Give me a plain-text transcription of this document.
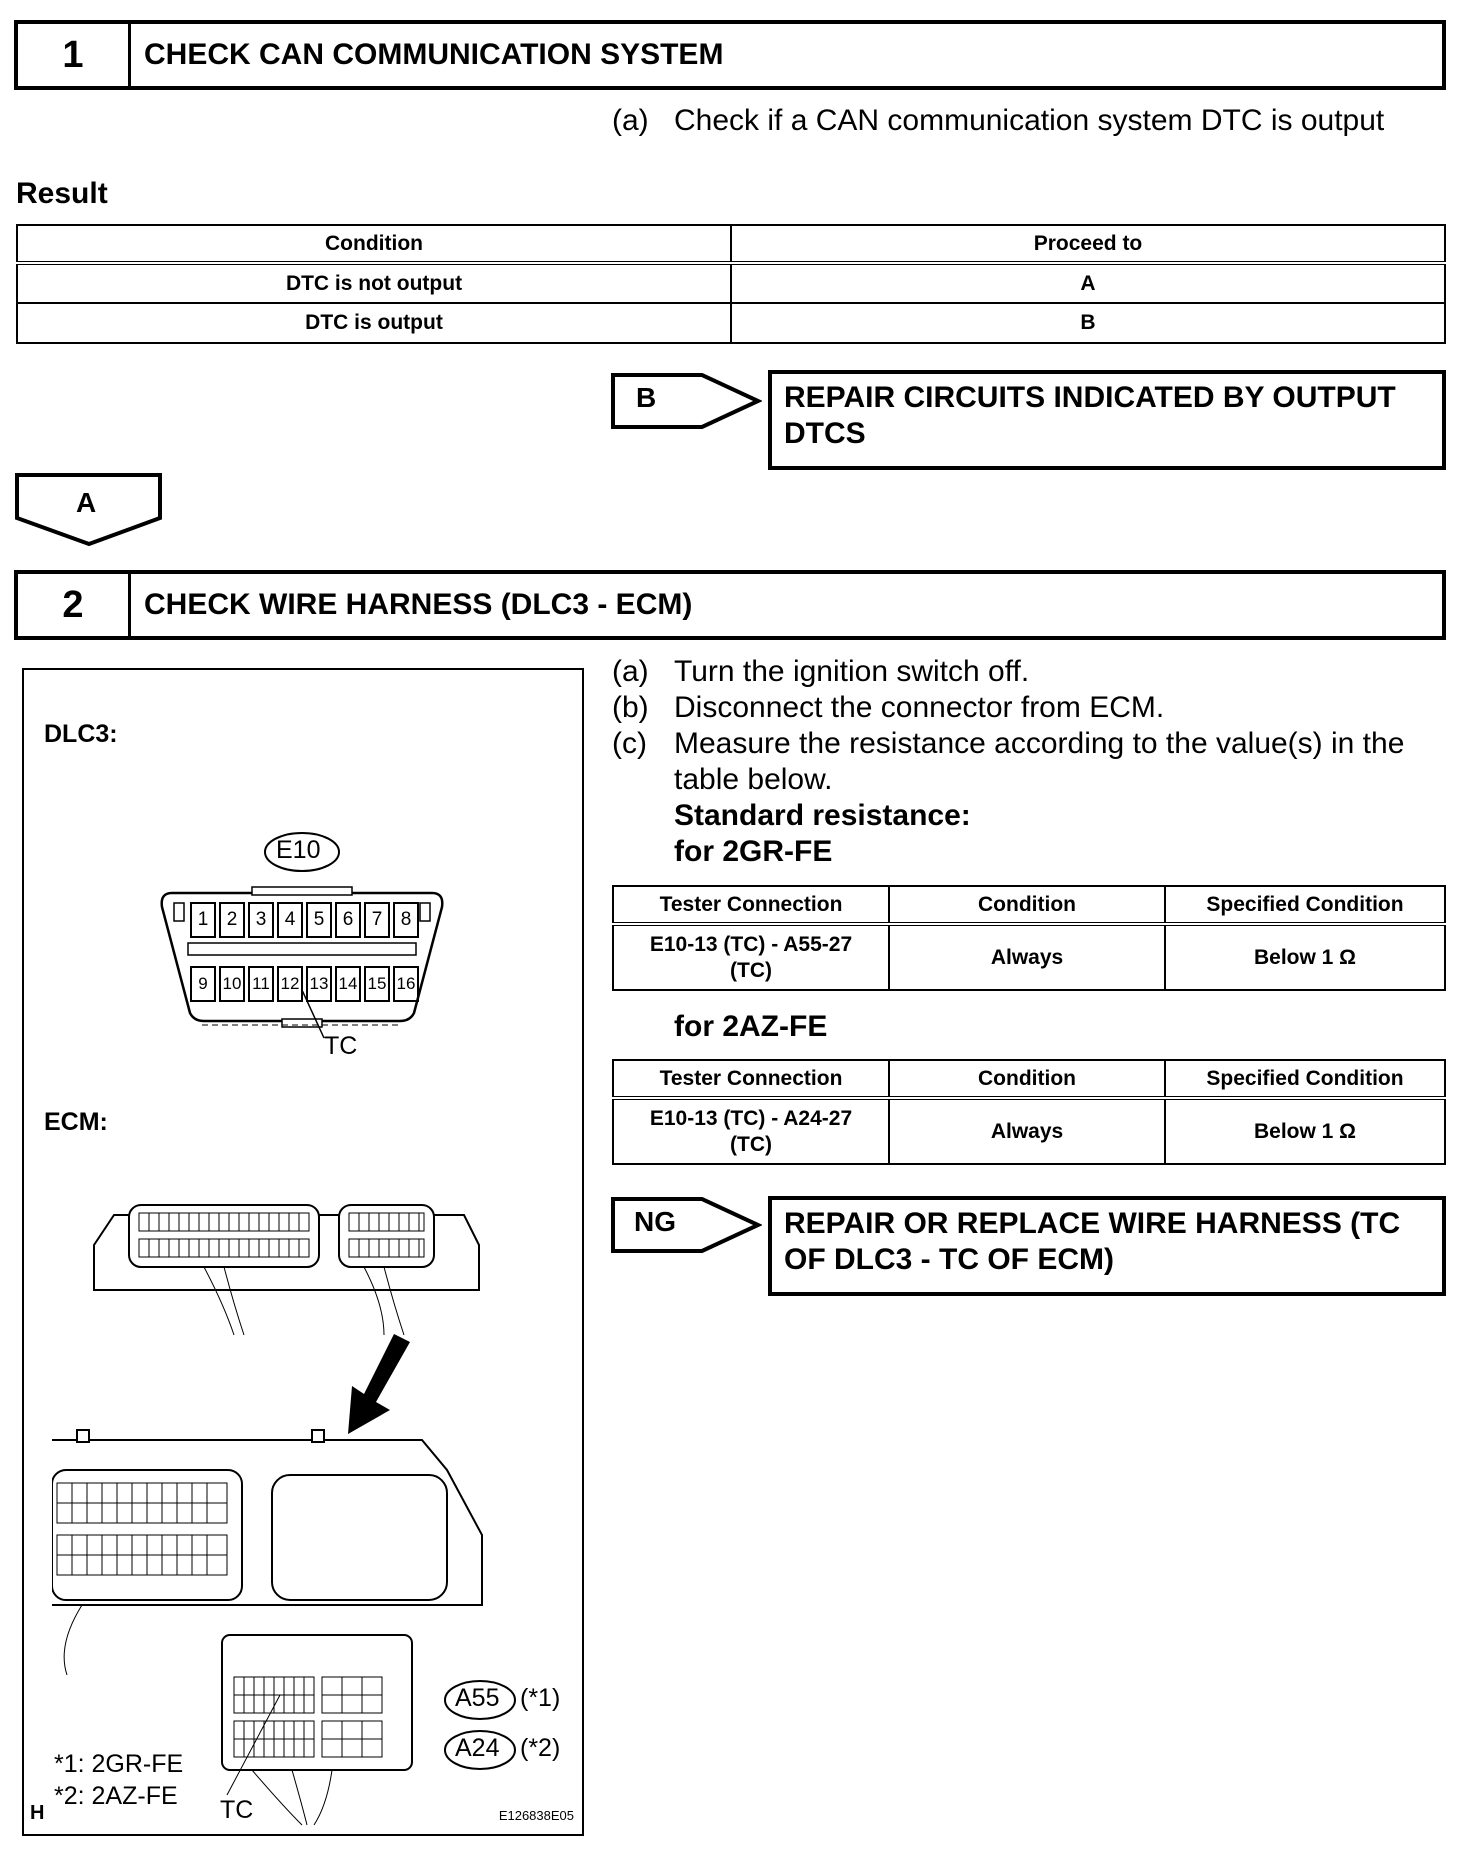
1	CHECK CAN COMMUNICATION SYSTEM
(a) Check if a CAN communication system DTC is output
Result
Condition	Proceed to
DTC is not output	A
DTC is output	B
B	REPAIR CIRCUITS INDICATED BY OUTPUT
DTCS
A
2	CHECK WIRE HARNESS (DLC3 - ECM)
(a) Turn the ignition switch off.
(b) Disconnect the connector from ECM.
(c) Measure the resistance according to the value(s) in the
table below.
Standard resistance:
for 2GR-FE
Tester Connection	Condition	Specified Condition

E10-13 (TC) - A55-27
(TC)	Always	Below 1 Ω
for 2AZ-FE
Tester Connection	Condition	Specified Condition

E10-13 (TC) - A24-27
(TC)	Always	Below 1 Ω
NG	REPAIR OR REPLACE WIRE HARNESS (TC
OF DLC3 - TC OF ECM)
DLC3:
E10
1 2 3 4 5 6 7 8
9 10 11 12 13 14 15 16
TC
ECM:
A55 (*1)
A24 (*2)
*1: 2GR-FE
*2: 2AZ-FE TC
H	E126838E05
